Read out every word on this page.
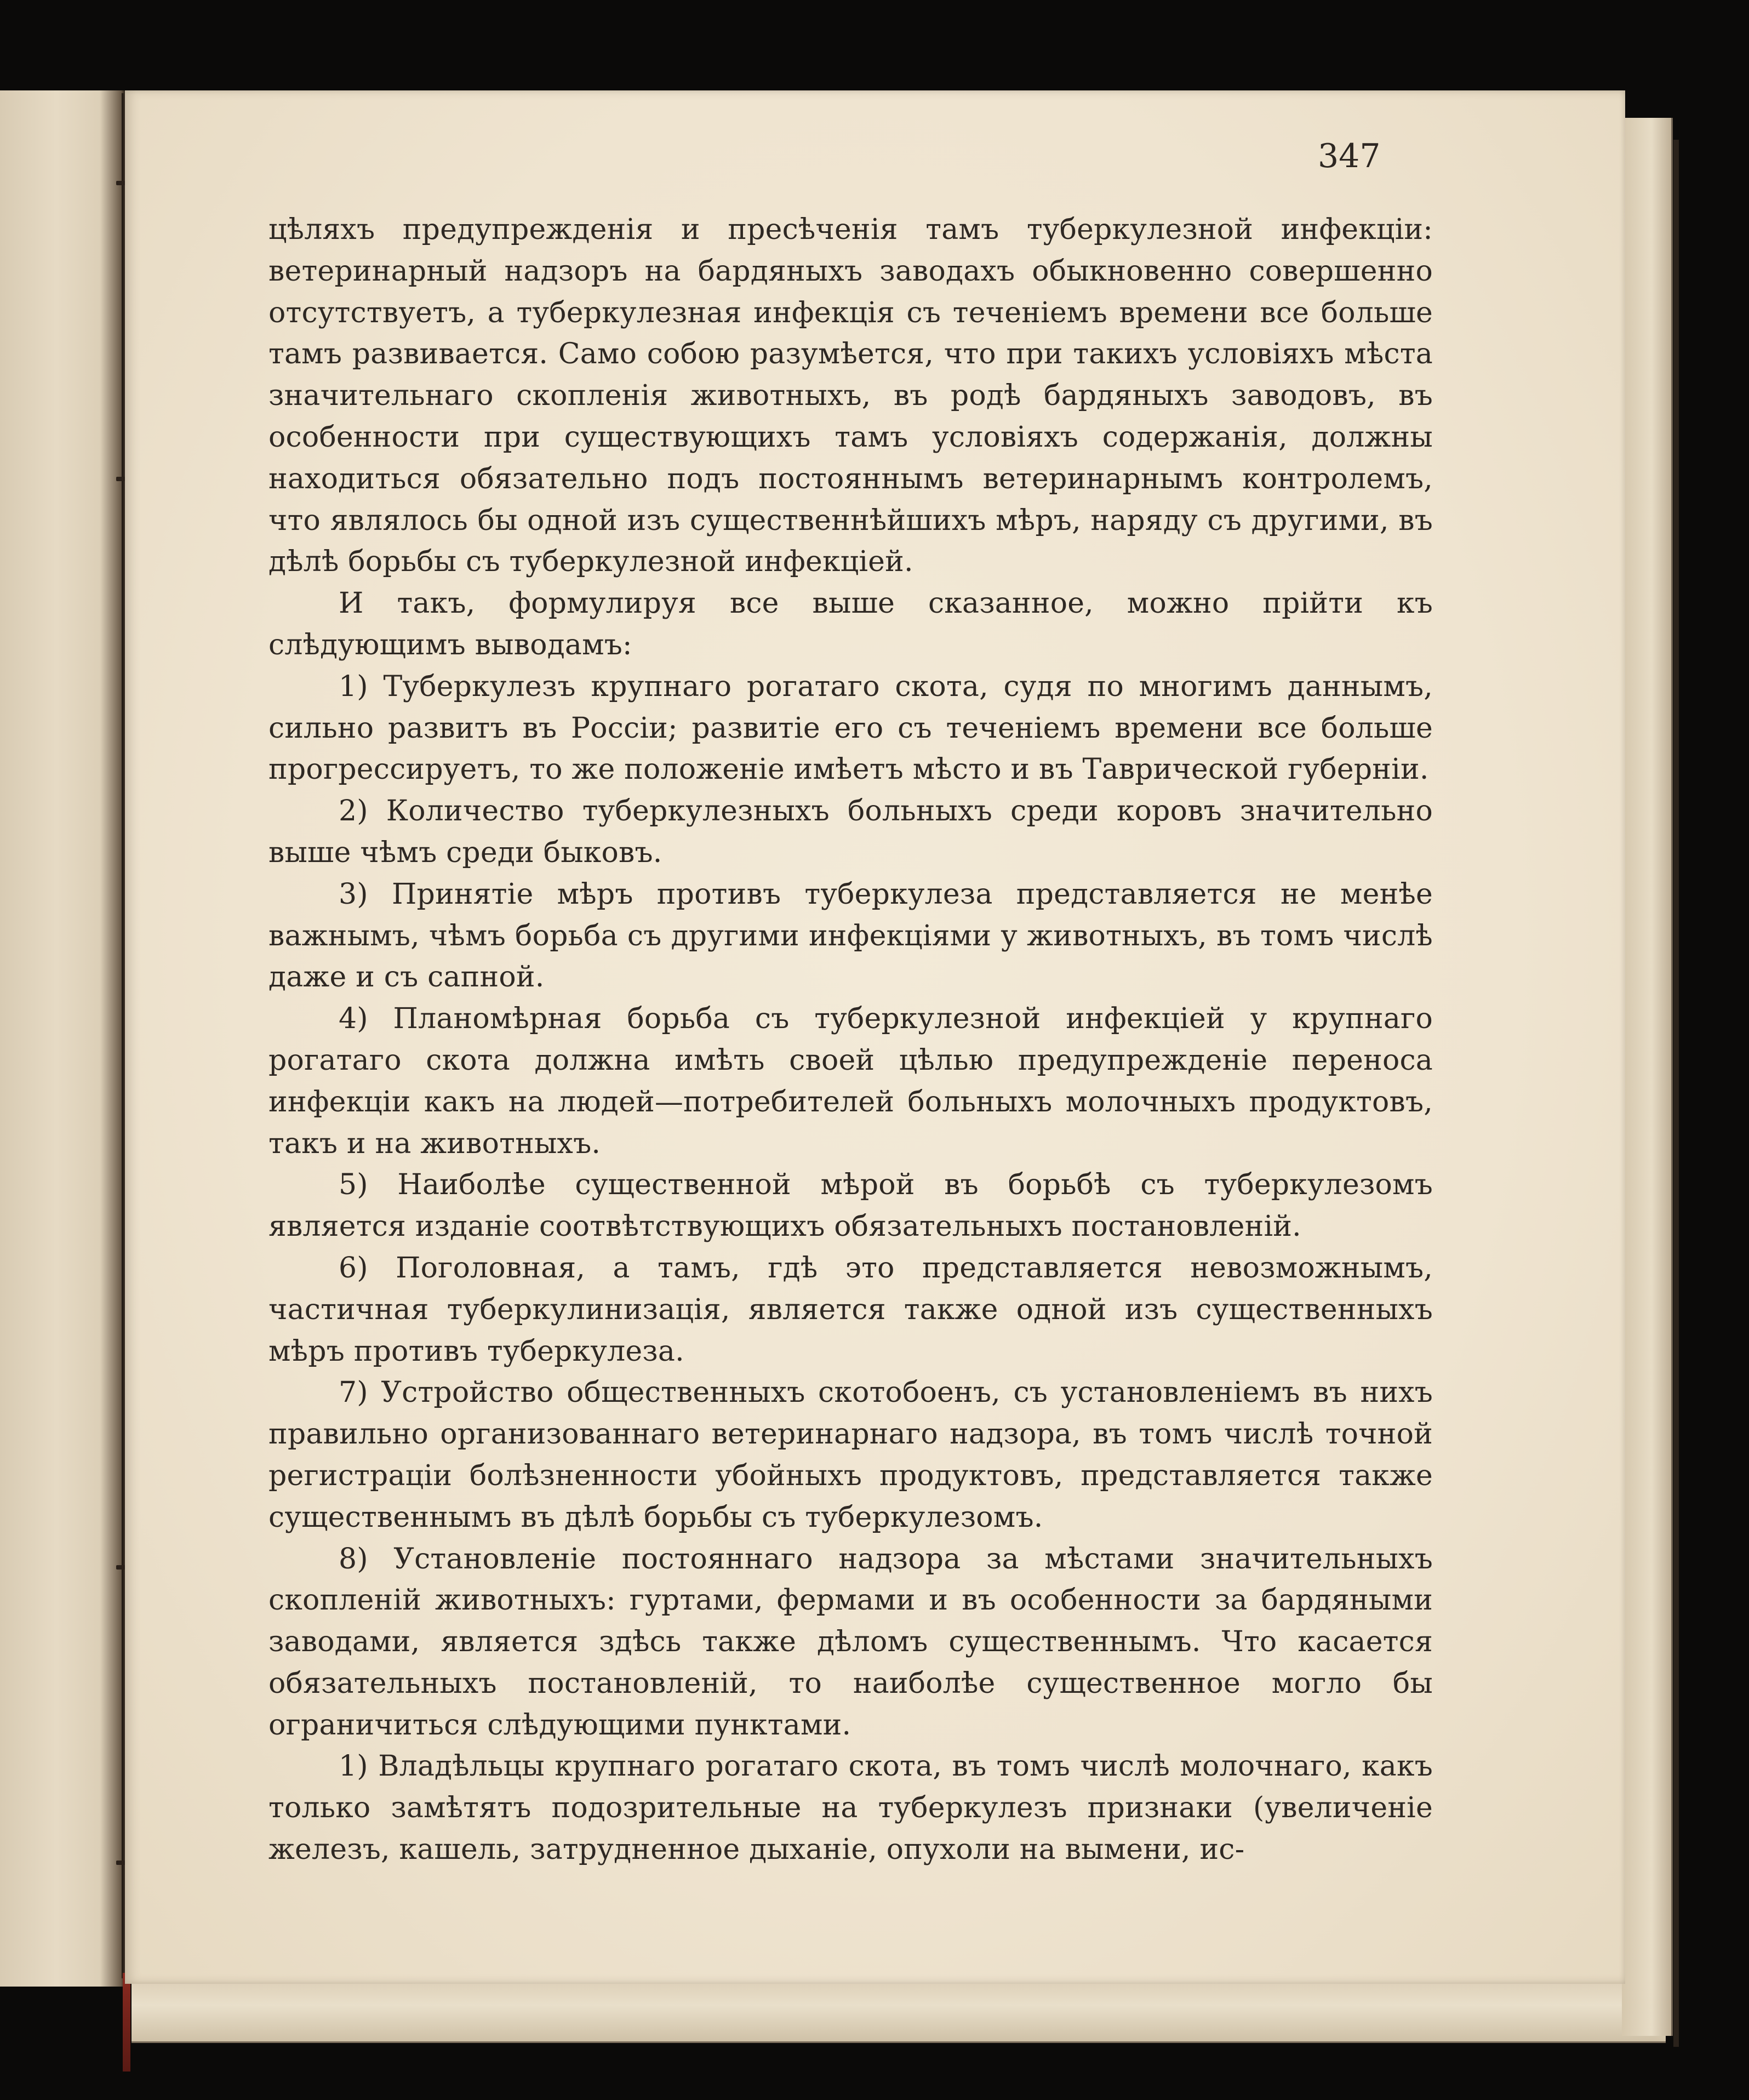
347

цѣляхъ предупрежденія и пресѣченія тамъ туберкулезной инфекціи: ветеринарный надзоръ на бардяныхъ заводахъ обыкновенно совершенно отсутствуетъ, а туберкулезная инфекція съ теченіемъ времени все больше тамъ развивается. Само собою разумѣется, что при такихъ условіяхъ мѣста значительнаго скопленія животныхъ, въ родѣ бардяныхъ заводовъ, въ особенности при существующихъ тамъ условіяхъ содержанія, должны находиться обязательно подъ постояннымъ ветеринарнымъ контролемъ, что являлось бы одной изъ существеннѣйшихъ мѣръ, наряду съ другими, въ дѣлѣ борьбы съ туберкулезной инфекціей.

И такъ, формулируя все выше сказанное, можно прійти къ слѣдующимъ выводамъ:

1) Туберкулезъ крупнаго рогатаго скота, судя по многимъ даннымъ, сильно развитъ въ Россіи; развитіе его съ теченіемъ времени все больше прогрессируетъ, то же положеніе имѣетъ мѣсто и въ Таврической губерніи.

2) Количество туберкулезныхъ больныхъ среди коровъ значительно выше чѣмъ среди быковъ.

3) Принятіе мѣръ противъ туберкулеза представляется не менѣе важнымъ, чѣмъ борьба съ другими инфекціями у животныхъ, въ томъ числѣ даже и съ сапной.

4) Планомѣрная борьба съ туберкулезной инфекціей у крупнаго рогатаго скота должна имѣть своей цѣлью предупрежденіе переноса инфекціи какъ на людей—потребителей больныхъ молочныхъ продуктовъ, такъ и на животныхъ.

5) Наиболѣе существенной мѣрой въ борьбѣ съ туберкулезомъ является изданіе соотвѣтствующихъ обязательныхъ постановленій.

6) Поголовная, а тамъ, гдѣ это представляется невозможнымъ, частичная туберкулинизація, является также одной изъ существенныхъ мѣръ противъ туберкулеза.

7) Устройство общественныхъ скотобоенъ, съ установленіемъ въ нихъ правильно организованнаго ветеринарнаго надзора, въ томъ числѣ точной регистраціи болѣзненности убойныхъ продуктовъ, представляется также существеннымъ въ дѣлѣ борьбы съ туберкулезомъ.

8) Установленіе постояннаго надзора за мѣстами значительныхъ скопленій животныхъ: гуртами, фермами и въ особенности за бардяными заводами, является здѣсь также дѣломъ существеннымъ. Что касается обязательныхъ постановленій, то наиболѣе существенное могло бы ограничиться слѣдующими пунктами.

1) Владѣльцы крупнаго рогатаго скота, въ томъ числѣ молочнаго, какъ только замѣтятъ подозрительные на туберкулезъ признаки (увеличеніе железъ, кашель, затрудненное дыханіе, опухоли на вымени, ис-
